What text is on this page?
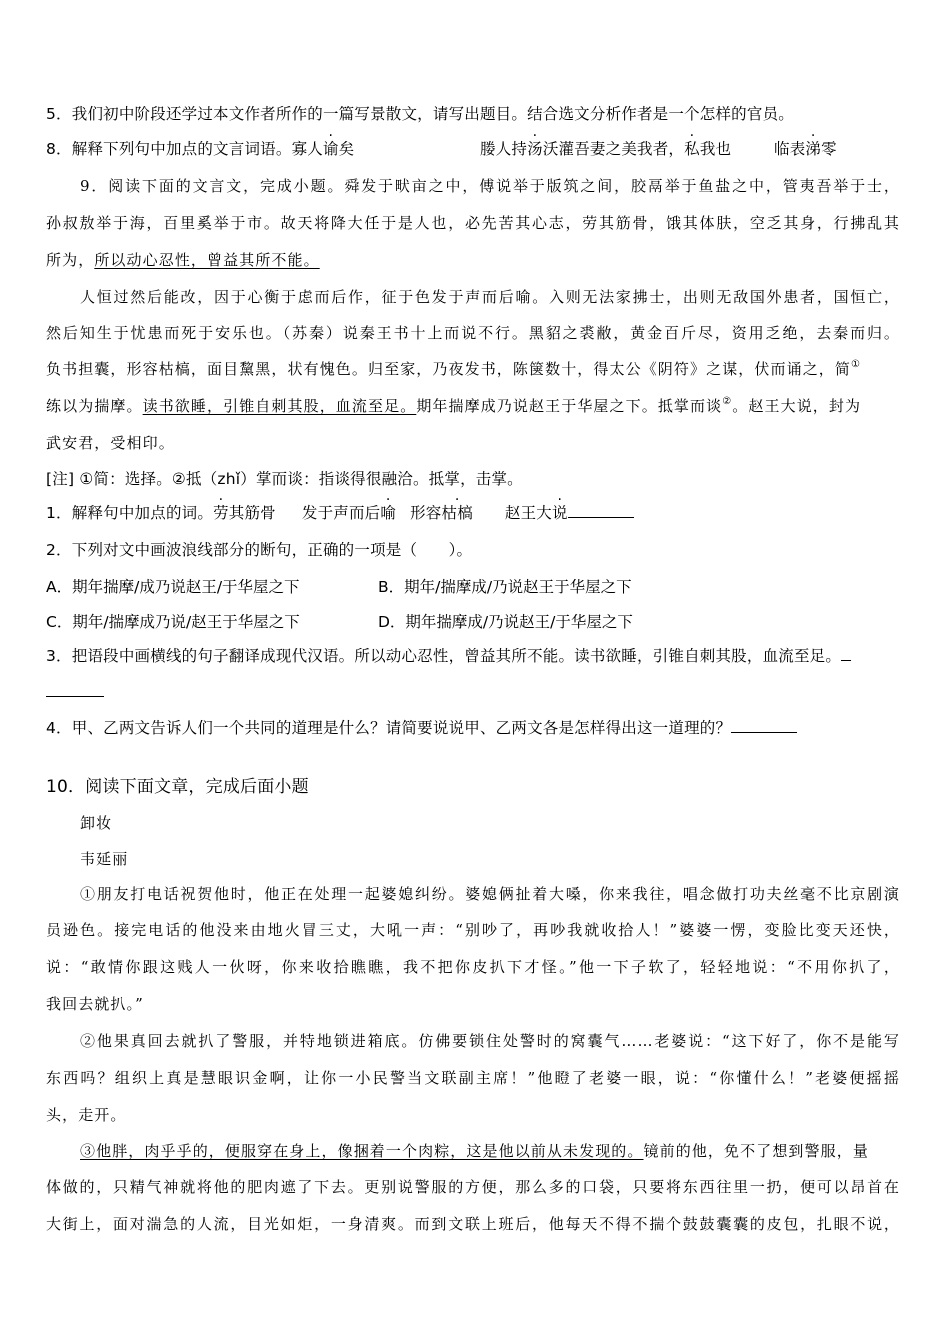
5．我们初中阶段还学过本文作者所作的一篇写景散文，请写出题目。结合选文分析作者是一个怎样的官员。
8．解释下列句中加点的文言词语。寡人谕矣	媵人持汤沃灌吾妻之美我者，私我也	临表涕零
9．阅读下面的文言文，完成小题。舜发于畎亩之中，傅说举于版筑之间，胶鬲举于鱼盐之中，管夷吾举于士，
孙叔敖举于海，百里奚举于市。故天将降大任于是人也，必先苦其心志，劳其筋骨，饿其体肤，空乏其身，行拂乱其
所为，所以动心忍性，曾益其所不能。
人恒过然后能改，因于心衡于虑而后作，征于色发于声而后喻。入则无法家拂士，出则无敌国外患者，国恒亡，
然后知生于忧患而死于安乐也。（苏秦）说秦王书十上而说不行。黑貂之裘敝，黄金百斤尽，资用乏绝，去秦而归。
负书担囊，形容枯槁，面目黧黑，状有愧色。归至家，乃夜发书，陈箧数十，得太公《阴符》之谋，伏而诵之，简①
练以为揣摩。读书欲睡，引锥自刺其股，血流至足。期年揣摩成乃说赵王于华屋之下。抵掌而谈②。赵王大说，封为
武安君，受相印。
[注] ①简：选择。②抵（zhǐ）掌而谈：指谈得很融洽。抵掌，击掌。
1．解释句中加点的词。劳其筋骨 发于声而后喻 形容枯槁 赵王大说
2．下列对文中画波浪线部分的断句，正确的一项是（　　）。
A．期年揣摩/成乃说赵王/于华屋之下	B．期年/揣摩成/乃说赵王于华屋之下
C．期年/揣摩成乃说/赵王于华屋之下	D．期年揣摩成/乃说赵王/于华屋之下
3．把语段中画横线的句子翻译成现代汉语。所以动心忍性，曾益其所不能。读书欲睡，引锥自刺其股，血流至足。
4．甲、乙两文告诉人们一个共同的道理是什么？请简要说说甲、乙两文各是怎样得出这一道理的？
10．阅读下面文章，完成后面小题
卸妆
韦延丽
①朋友打电话祝贺他时，他正在处理一起婆媳纠纷。婆媳俩扯着大嗓，你来我往，唱念做打功夫丝毫不比京剧演
员逊色。接完电话的他没来由地火冒三丈，大吼一声：“别吵了，再吵我就收拾人！”婆婆一愣，变脸比变天还快，
说：“敢情你跟这贱人一伙呀，你来收拾瞧瞧，我不把你皮扒下才怪。”他一下子软了，轻轻地说：“不用你扒了，
我回去就扒。”
②他果真回去就扒了警服，并特地锁进箱底。仿佛要锁住处警时的窝囊气……老婆说：“这下好了，你不是能写
东西吗？组织上真是慧眼识金啊，让你一小民警当文联副主席！”他瞪了老婆一眼，说：“你懂什么！”老婆便摇摇
头，走开。
③他胖，肉乎乎的，便服穿在身上，像捆着一个肉粽，这是他以前从未发现的。镜前的他，免不了想到警服，量
体做的，只精气神就将他的肥肉遮了下去。更别说警服的方便，那么多的口袋，只要将东西往里一扔，便可以昂首在
大街上，面对湍急的人流，目光如炬，一身清爽。而到文联上班后，他每天不得不揣个鼓鼓囊囊的皮包，扎眼不说，
